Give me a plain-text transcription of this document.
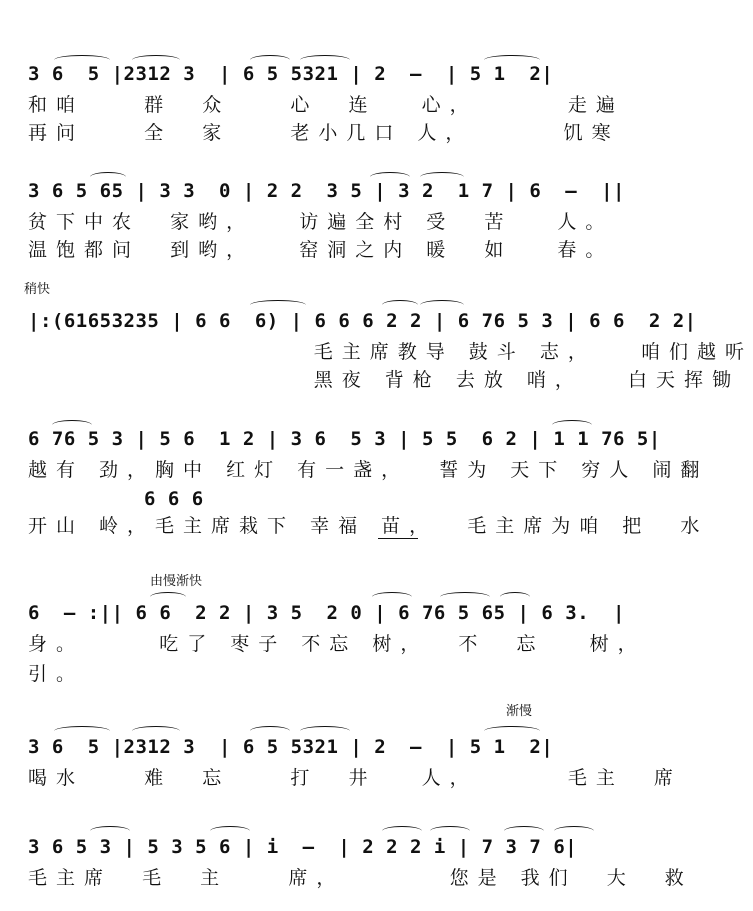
3 6  5 |2312 3  | 6 5 5321 | 2  —  | 5 1  2|
和咱    群  众    心  连   心，      走遍
再问    全  家    老小几口 人，      饥寒
3 6 5 65 | 3 3  0 | 2 2  3 5 | 3 2  1 7 | 6  —  ||
贫下中农  家哟，   访遍全村 受  苦   人。
温饱都问  到哟，   窑洞之内 暖  如   春。
稍快
|:(61653235 | 6 6  6) | 6 6 6 2 2 | 6 76 5 3 | 6 6  2 2|
毛主席教导 鼓斗 志，   咱们越听
黑夜 背枪 去放 哨，   白天挥锄
6 76 5 3 | 5 6  1 2 | 3 6  5 3 | 5 5  6 2 | 1 1 76 5|
越有 劲，胸中 红灯 有一盏，  誓为 天下 穷人 闹翻
6 6 6
开山 岭，毛主席栽下 幸福 苗，  毛主席为咱 把  水
由慢渐快
6  — :|| 6 6  2 2 | 3 5  2 0 | 6 76 5 65 | 6 3.  |
身。     吃了 枣子 不忘 树，  不  忘   树，
引。
渐慢
3 6  5 |2312 3  | 6 5 5321 | 2  —  | 5 1  2|
喝水    难  忘    打  井   人，      毛主  席
3 6 5 3 | 5 3 5 6 | i  —  | 2 2 2 i | 7 3 7 6|
毛主席  毛  主    席，       您是 我们  大  救
